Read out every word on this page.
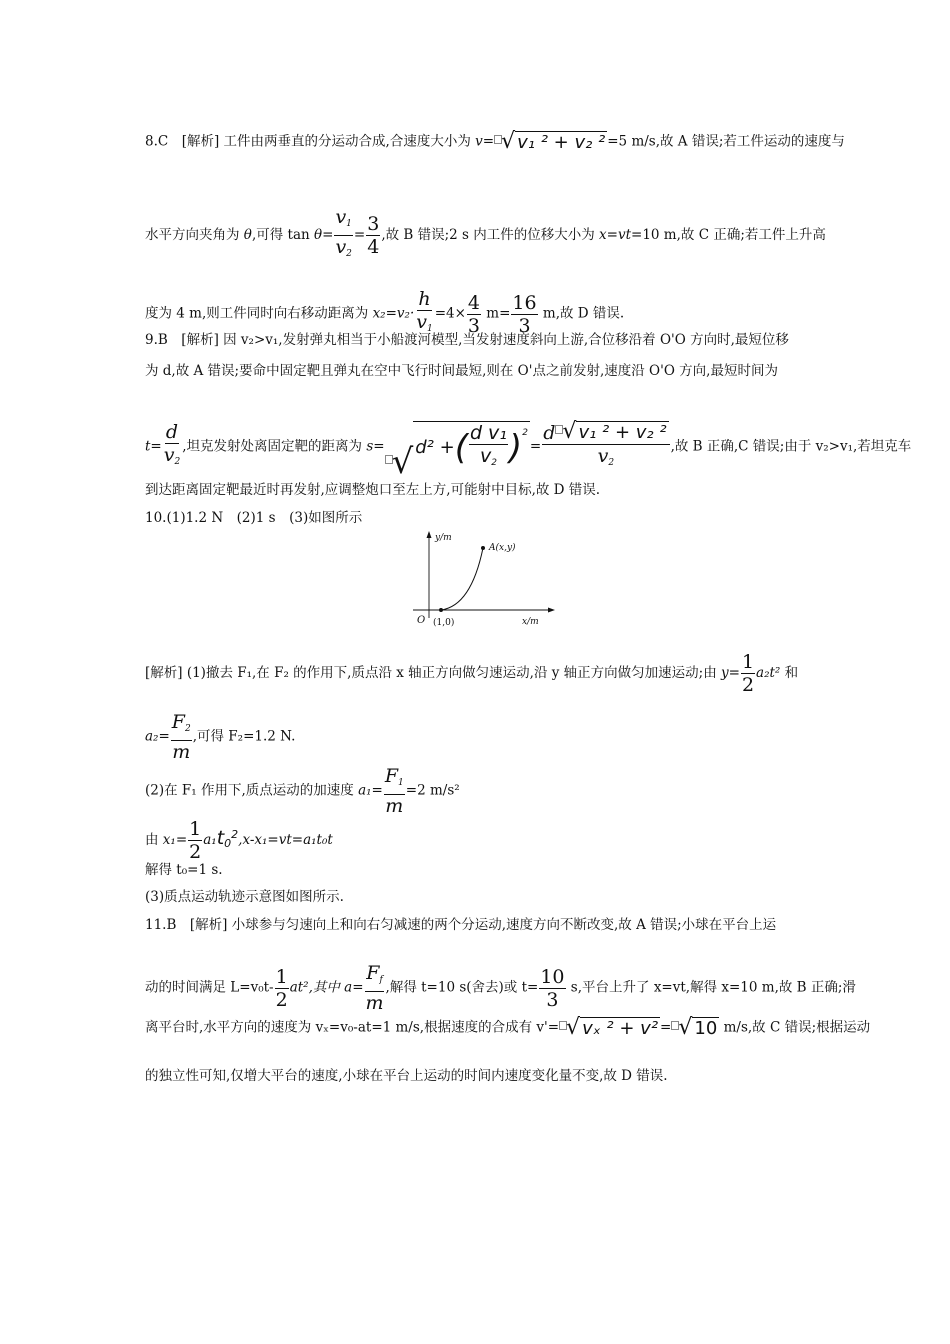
8.C　[解析] 工件由两垂直的分运动合成,合速度大小为 v= √ v₁ ² + v₂ ² =5 m/s,故 A 错误;若工件运动的速度与
水平方向夹角为 θ,可得 $\tan \theta= \frac{v_1}{v_2} = \frac{3}{4}$ ,故 B 错误;2 s 内工件的位移大小为 x=vt=10 m,故 C 正确;若工件上升高
度为 4 m,则工件同时向右移动距离为 $x_2=v_2\cdot \frac{h}{v_1} =4\times \frac{4}{3} m= \frac{16}{3} m$,故 D 错误.
9.B　[解析] 因 v₂>v₁,发射弹丸相当于小船渡河模型,当发射速度斜向上游,合位移沿着 O'O 方向时,最短位移
为 d,故 A 错误;要命中固定靶且弹丸在空中飞行时间最短,则在 O'点之前发射,速度沿 O'O 方向,最短时间为
$t= \frac{d}{v_2}$ ,坦克发射处离固定靶的距离为 s= √ d² + ( $\frac{\text{d v₁}}{v_2} )^2$
= $\frac{\text{d √ v₁ ² + v₂ ²}}{v_2}$ ,故 B 正确,C 错误;由于 v₂>v₁,若坦克车
到达距离固定靶最近时再发射,应调整炮口至左上方,可能射中目标,故 D 错误.
10.(1)1.2 N　(2)1 s　(3)如图所示
y/m
x/m
O (1,0)
A(x,y)
[解析] (1)撤去 F₁,在 F₂ 的作用下,质点沿 x 轴正方向做匀速运动,沿 y 轴正方向做匀加速运动;由 $y= \frac{1}{2} a_2t^2$ 和
$a_2= \frac{F_2}{m}$ ,可得 F₂=1.2 N.
(2)在 F₁ 作用下,质点运动的加速度 $a_1= \frac{F_1}{m} =2$ m/s²
由 $x_1= \frac{1}{2} a_1t_0^2,x-x_1=vt=a_1t_0t$
解得 t₀=1 s.
(3)质点运动轨迹示意图如图所示.
11.B　[解析] 小球参与匀速向上和向右匀减速的两个分运动,速度方向不断改变,故 A 错误;小球在平台上运
动的时间满足 $L=v_0t- \frac{1}{2} at^2$,其中 $a= \frac{F_f}{m}$ ,解得 t=10 s(舍去)或 $t= \frac{10}{3} s$,平台上升了 x=vt,解得 x=10 m,故 B 正确;滑
离平台时,水平方向的速度为 vₓ=v₀-at=1 m/s,根据速度的合成有 v'= √ vₓ ² + v² = √ 10 m/s,故 C 错误;根据运动
的独立性可知,仅增大平台的速度,小球在平台上运动的时间内速度变化量不变,故 D 错误.
